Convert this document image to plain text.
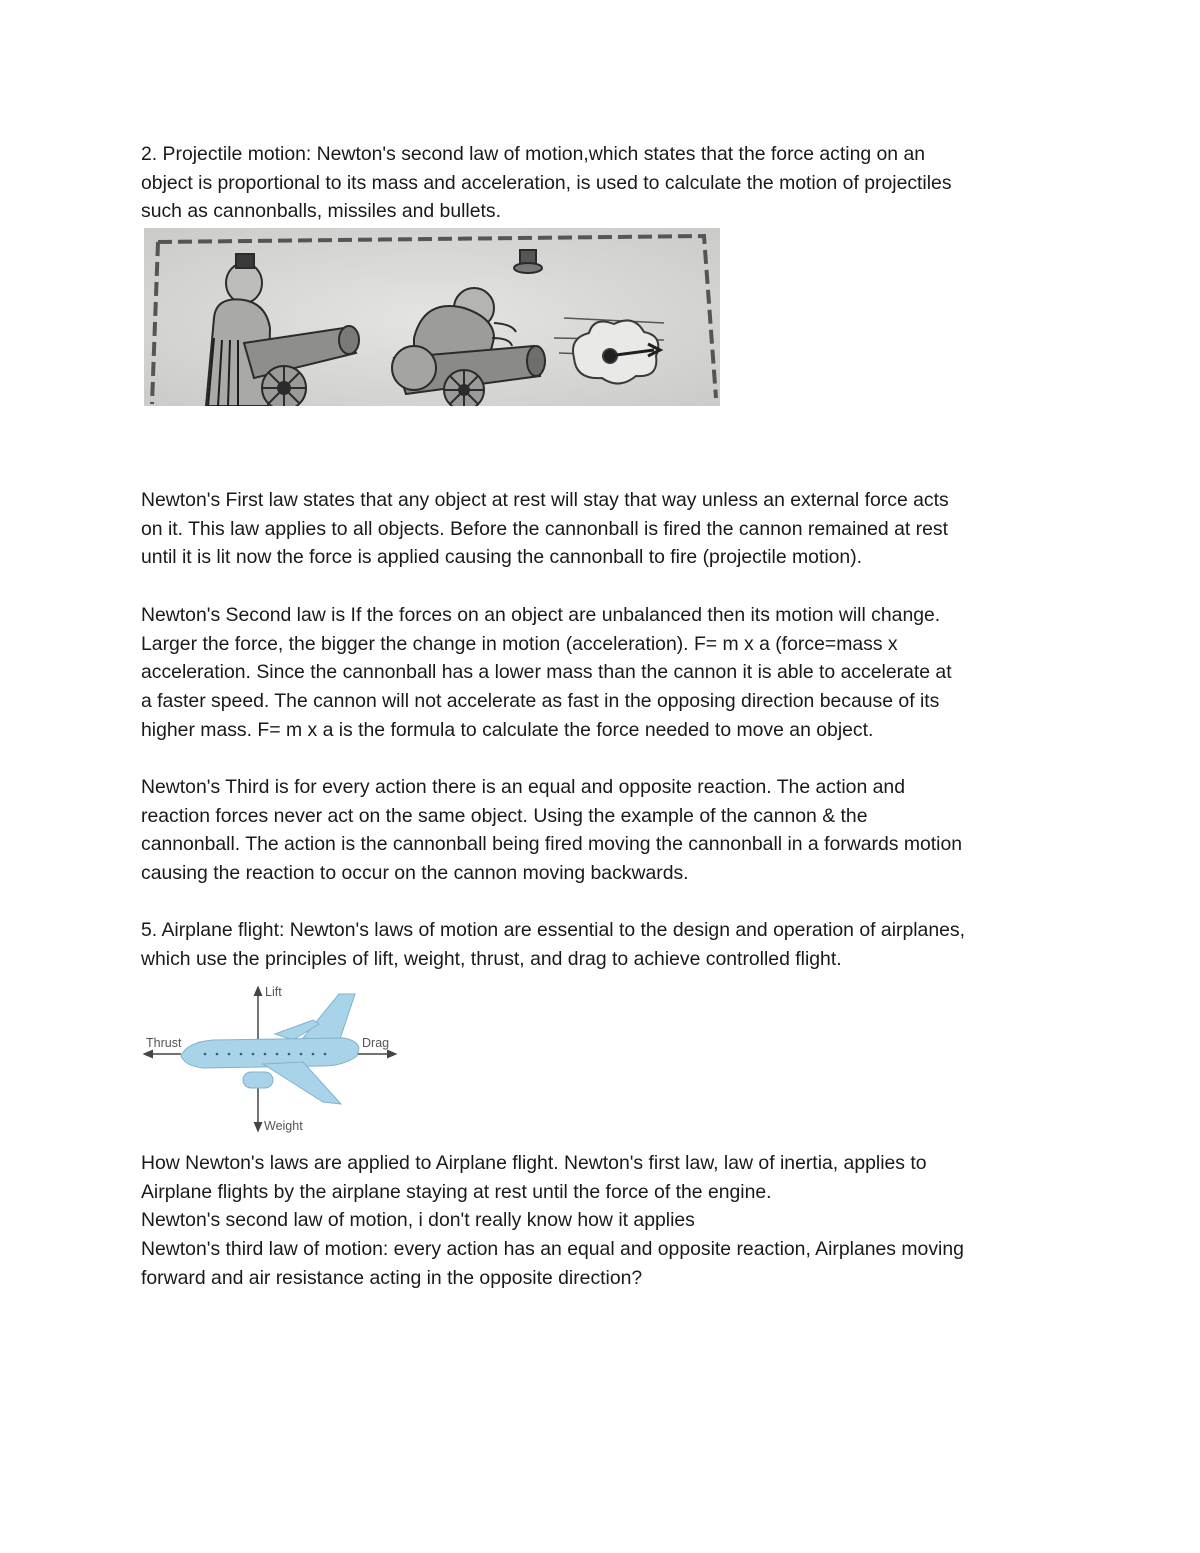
2. Projectile motion: Newton's second law of motion,which states that the force acting on an
object is proportional to its mass and acceleration, is used to calculate the motion of projectiles
such as cannonballs, missiles and bullets.

Newton's First law states that any object at rest will stay that way unless an external force acts
on it. This law applies to all objects. Before the cannonball is fired the cannon remained at rest
until it is lit now the force is applied causing the cannonball to fire (projectile motion).

Newton's Second law is If the forces on an object are unbalanced then its motion will change.
Larger the force, the bigger the change in motion (acceleration). F= m x a (force=mass x
acceleration. Since the cannonball has a lower mass than the cannon it is able to accelerate at
a faster speed. The cannon will not accelerate as fast in the opposing direction because of its
higher mass. F= m x a is the formula to calculate the force needed to move an object.

Newton's Third is for every action there is an equal and opposite reaction. The action and
reaction forces never act on the same object. Using the example of the cannon & the
cannonball. The action is the cannonball being fired moving the cannonball in a forwards motion
causing the reaction to occur on the cannon moving backwards.

5. Airplane flight: Newton's laws of motion are essential to the design and operation of airplanes,
which use the principles of lift, weight, thrust, and drag to achieve controlled flight.

Lift
Thrust	Drag
Weight

How Newton's laws are applied to Airplane flight. Newton's first law, law of inertia, applies to
Airplane flights by the airplane staying at rest until the force of the engine.
Newton's second law of motion, i don't really know how it applies
Newton's third law of motion: every action has an equal and opposite reaction, Airplanes moving
forward and air resistance acting in the opposite direction?
